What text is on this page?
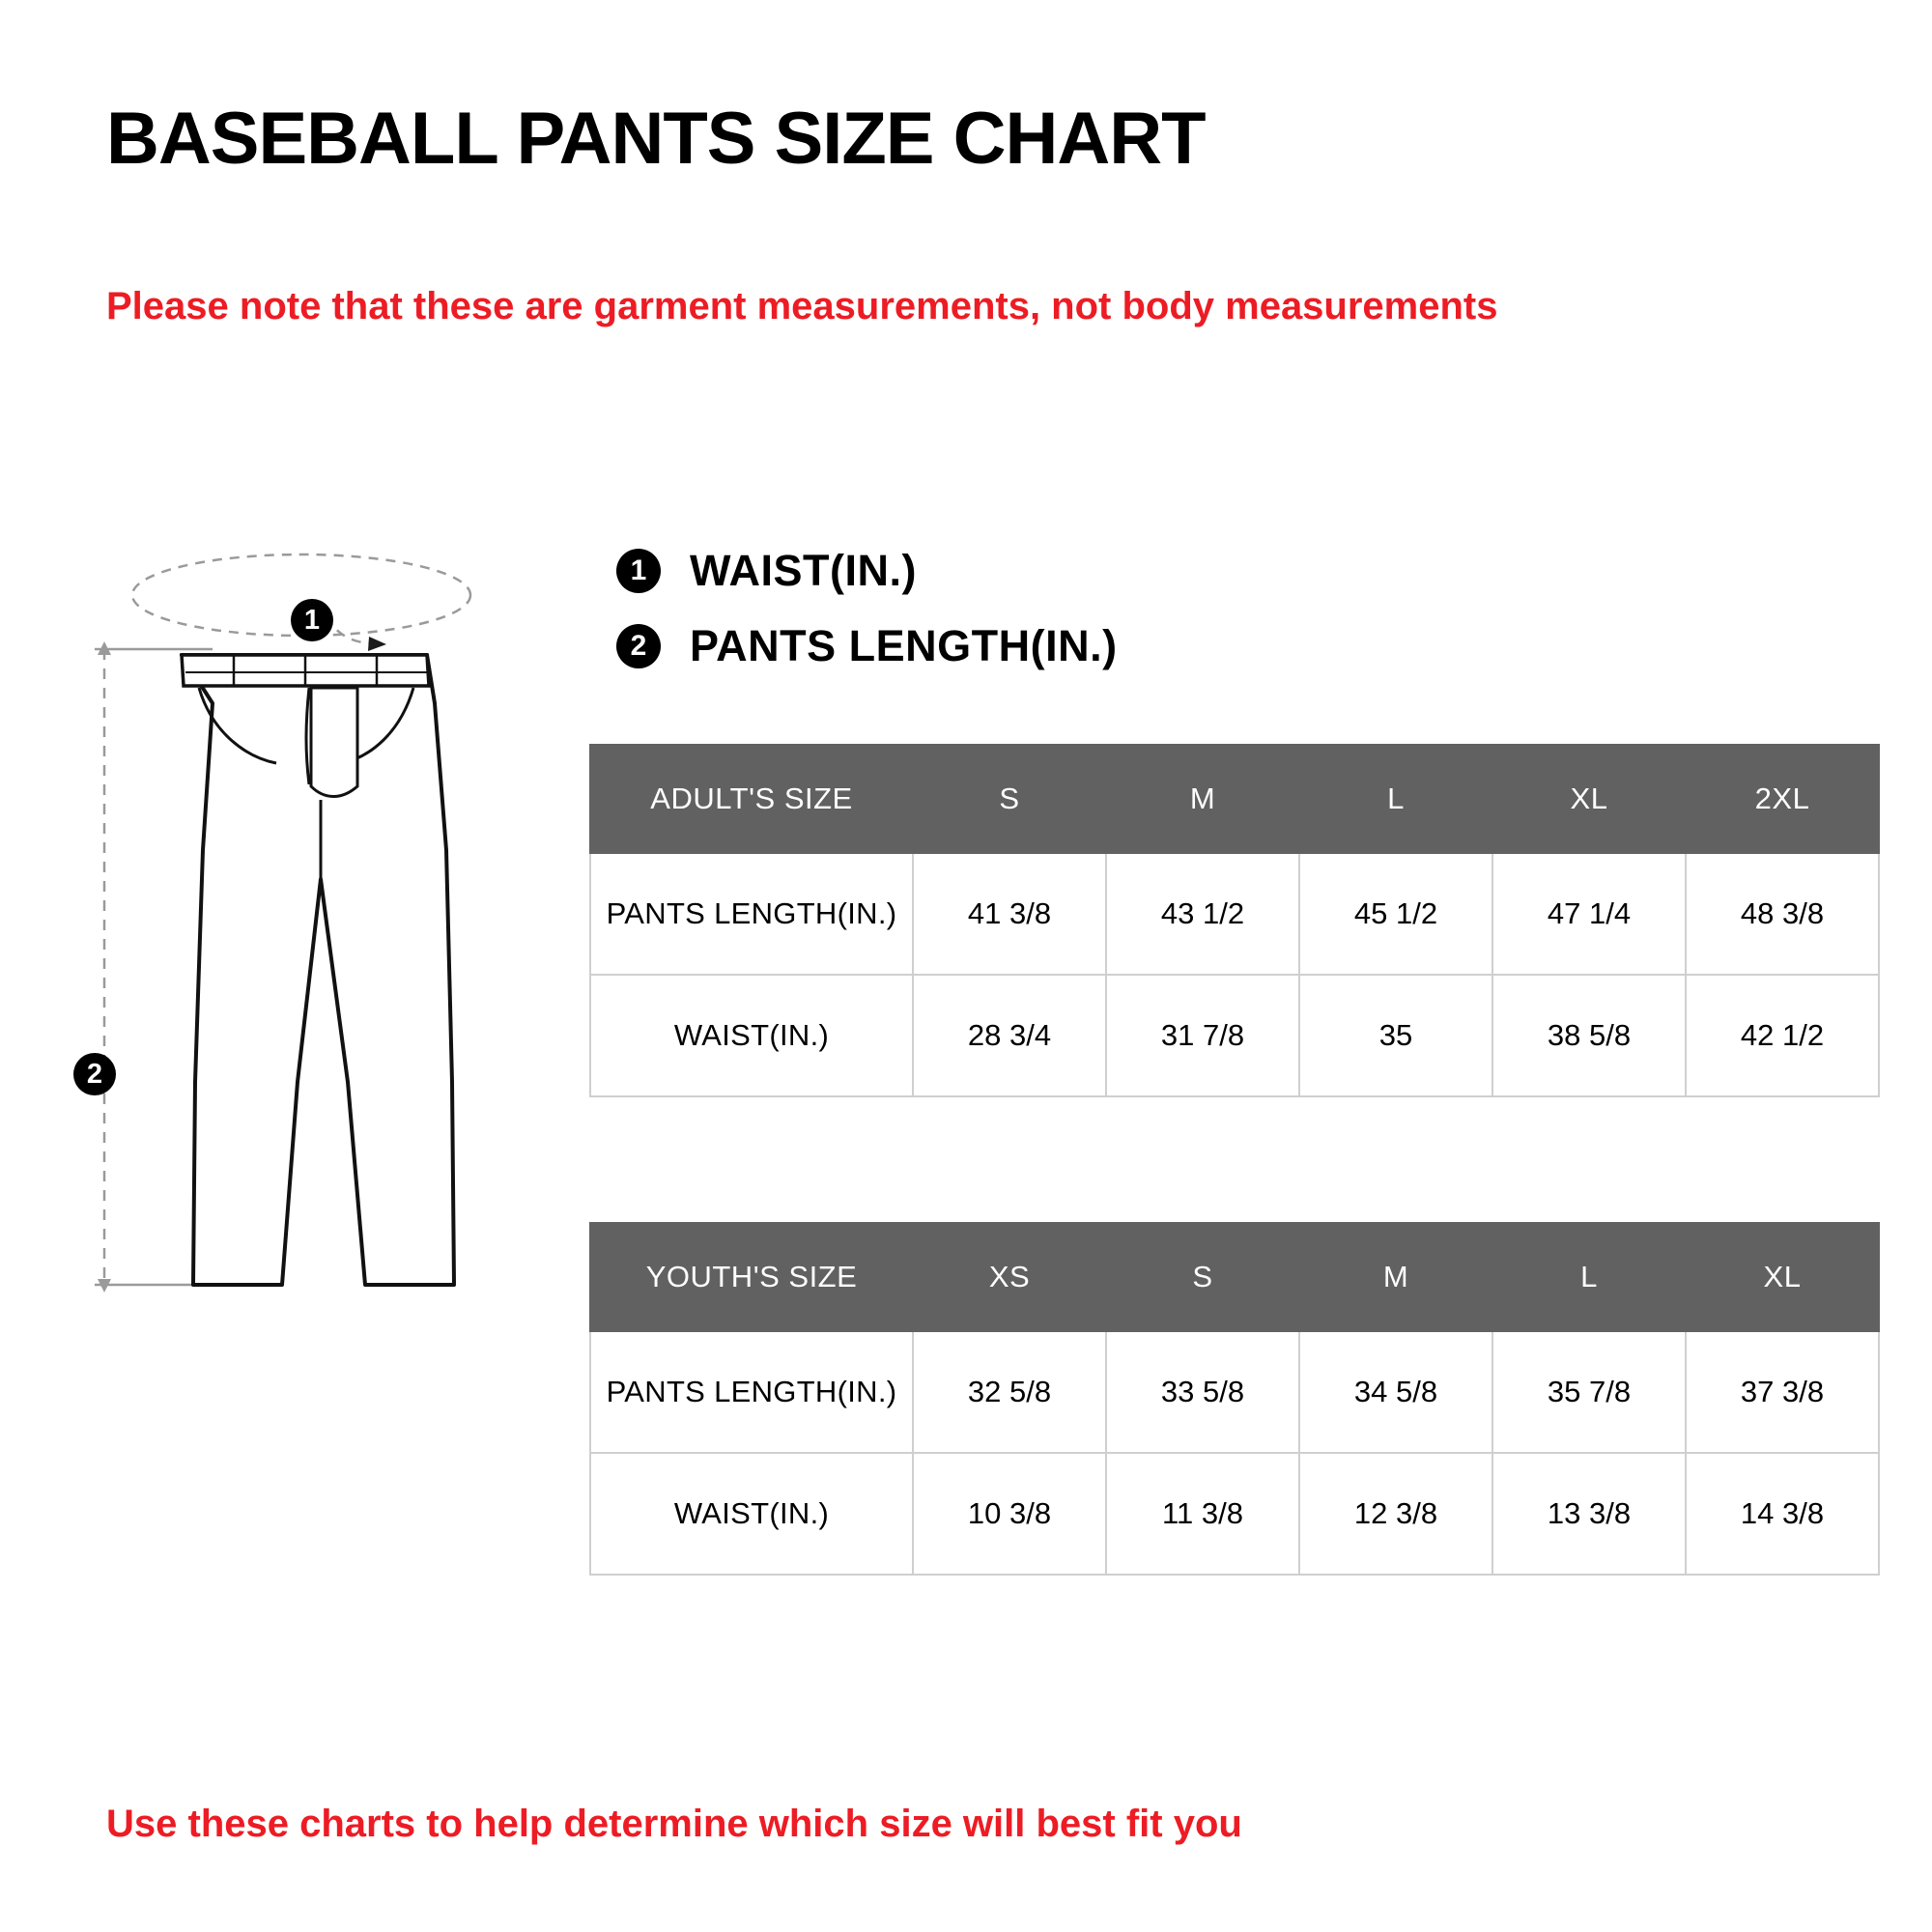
BASEBALL PANTS SIZE CHART
Please note that these are garment measurements, not body measurements
1 WAIST(IN.)
2 PANTS LENGTH(IN.)
1
2
ADULT'S SIZE	S	M	L	XL	2XL
PANTS LENGTH(IN.)	41 3/8	43 1/2	45 1/2	47 1/4	48 3/8
WAIST(IN.)	28 3/4	31 7/8	35	38 5/8	42 1/2
YOUTH'S SIZE	XS	S	M	L	XL
PANTS LENGTH(IN.)	32 5/8	33 5/8	34 5/8	35 7/8	37 3/8
WAIST(IN.)	10 3/8	11 3/8	12 3/8	13 3/8	14 3/8
Use these charts to help determine which size will best fit you
